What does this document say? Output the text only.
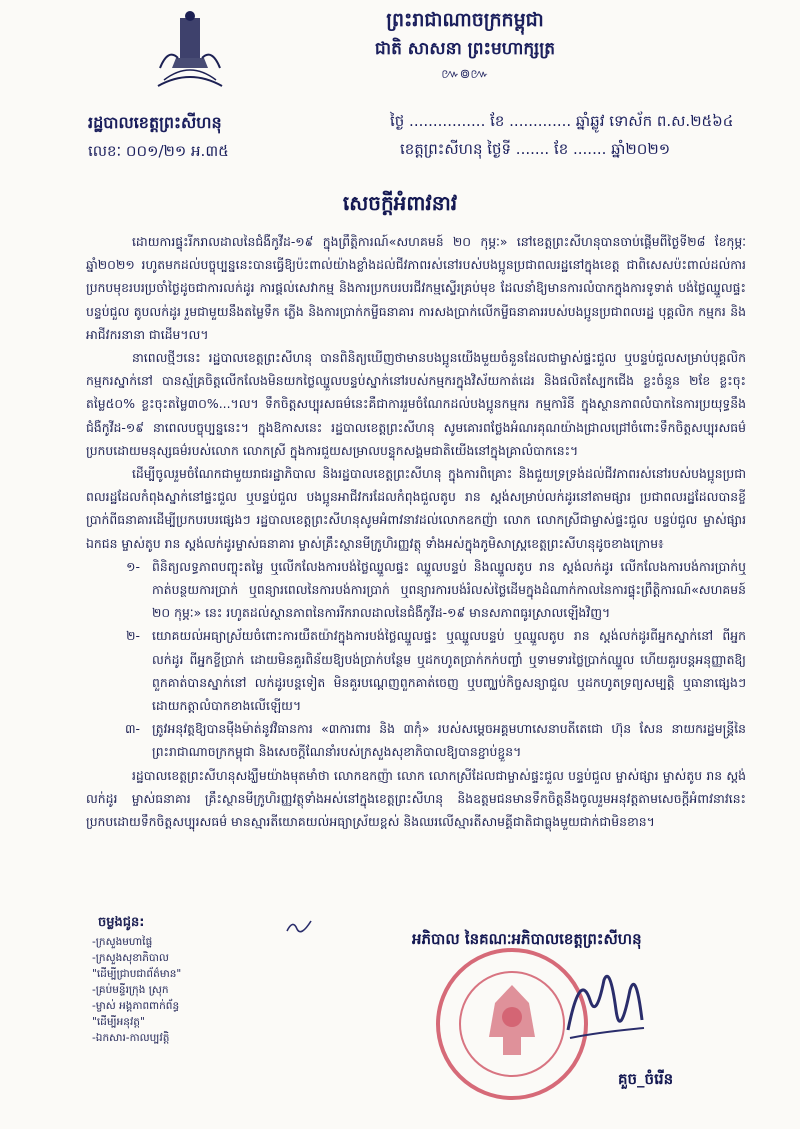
ព្រះរាជាណាចក្រកម្ពុជា
ជាតិ សាសនា ព្រះមហាក្សត្រ
៚៙៚
រដ្ឋបាលខេត្តព្រះសីហនុ
លេខៈ ០០១/២១ អ.៣៥
ថ្ងៃ ................ ខែ ............. ឆ្នាំឆ្លូវ ទោស័ក ព.ស.២៥៦៤
ខេត្តព្រះសីហនុ ថ្ងៃទី ....... ខែ ....... ឆ្នាំ២០២១
សេចក្តីអំពាវនាវ

ដោយការផ្ទុះរីករាលដាលនៃជំងឺកូវីដ-១៩ ក្នុងព្រឹត្តិការណ៍«សហគមន៍ ២០ កុម្ភៈ» នៅខេត្តព្រះសីហនុបានចាប់ផ្តើមពីថ្ងៃទី២៨ ខែកុម្ភៈ ឆ្នាំ២០២១ រហូតមកដល់បច្ចុប្បន្ននេះបានធ្វើឱ្យប៉ះពាល់យ៉ាងខ្លាំងដល់ជីវភាពរស់នៅរបស់បងប្អូនប្រជាពលរដ្ឋនៅក្នុងខេត្ត ជាពិសេសប៉ះពាល់ដល់ការប្រកបមុខរបរប្រចាំថ្ងៃដូចជាការលក់ដូរ ការផ្តល់សេវាកម្ម និងការប្រកបរបរជីវកម្មស្ទើរគ្រប់មុខ ដែលនាំឱ្យមានការលំបាកក្នុងការទូទាត់ បង់ថ្លៃឈ្នួលផ្ទះ បន្ទប់ជួល តូបលក់ដូរ រួមជាមួយនឹងតម្លៃទឹក ភ្លើង និងការប្រាក់កម្ចីធនាគារ ការសងប្រាក់លើកម្ចីធនាគាររបស់បងប្អូនប្រជាពលរដ្ឋ បុគ្គលិក កម្មករ និងអាជីវករនានា ជាដើម។ល។

នាពេលថ្មីៗនេះ រដ្ឋបាលខេត្តព្រះសីហនុ បានពិនិត្យឃើញថាមានបងប្អូនយើងមួយចំនួនដែលជាម្ចាស់ផ្ទះជួល ឬបន្ទប់ជួលសម្រាប់បុគ្គលិក កម្មករស្នាក់នៅ បានស្ម័គ្រចិត្តលើកលែងមិនយកថ្លៃឈ្នួលបន្ទប់ស្នាក់នៅរបស់កម្មករក្នុងវិស័យកាត់ដេរ និងផលិតស្បែកជើង ខ្លះចំនួន ២ខែ ខ្លះចុះតម្លៃ៥០% ខ្លះចុះតម្លៃ៣០%...។ល។ ទឹកចិត្តសប្បុរសធម៌នេះគឺជាការរួមចំណែកដល់បងប្អូនកម្មករ កម្មការិនី ក្នុងស្ថានភាពលំបាកនៃការប្រយុទ្ធនឹងជំងឺកូវីដ-១៩ នាពេលបច្ចុប្បន្ននេះ។ ក្នុងឱកាសនេះ រដ្ឋបាលខេត្តព្រះសីហនុ សូមគោរពថ្លែងអំណរគុណយ៉ាងជ្រាលជ្រៅចំពោះទឹកចិត្តសប្បុរសធម៌ប្រកបដោយមនុស្សធម៌របស់លោក លោកស្រី ក្នុងការជួយសម្រាលបន្ទុកសង្គមជាតិយើងនៅក្នុងគ្រាលំបាកនេះ។

ដើម្បីចូលរួមចំណែកជាមួយរាជរដ្ឋាភិបាល និងរដ្ឋបាលខេត្តព្រះសីហនុ ក្នុងការពិគ្រោះ និងជួយទ្រទ្រង់ដល់ជីវភាពរស់នៅរបស់បងប្អូនប្រជាពលរដ្ឋដែលកំពុងស្នាក់នៅផ្ទះជួល ឬបន្ទប់ជួល បងប្អូនអាជីវករដែលកំពុងជួលតូប រាន ស្តង់សម្រាប់លក់ដូរនៅតាមផ្សារ ប្រជាពលរដ្ឋដែលបានខ្ចីប្រាក់ពីធនាគារដើម្បីប្រកបរបរផ្សេងៗ រដ្ឋបាលខេត្តព្រះសីហនុសូមអំពាវនាវដល់លោកឧកញ៉ា លោក លោកស្រីជាម្ចាស់ផ្ទះជួល បន្ទប់ជួល ម្ចាស់ផ្សារឯកជន ម្ចាស់តូប រាន ស្តង់លក់ដូរម្ចាស់ធនាគារ ម្ចាស់គ្រឹះស្ថានមីក្រូហិរញ្ញវត្ថុ ទាំងអស់ក្នុងភូមិសាស្ត្រខេត្តព្រះសីហនុដូចខាងក្រោម៖

១- ពិនិត្យលទ្ធភាពបញ្ចុះតម្លៃ ឬលើកលែងការបង់ថ្លៃឈ្នួលផ្ទះ ឈ្នួលបន្ទប់ និងឈ្នួលតូប រាន ស្តង់លក់ដូរ លើកលែងការបង់ការប្រាក់ឬកាត់បន្ថយការប្រាក់ ឬពន្យារពេលនៃការបង់ការប្រាក់ ឬពន្យារការបង់រំលស់ថ្លៃដើមក្នុងដំណាក់កាលនៃការផ្ទុះព្រឹត្តិការណ៍«សហគមន៍ ២០ កុម្ភៈ» នេះ រហូតដល់ស្ថានភាពនៃការរីករាលដាលនៃជំងឺកូវីដ-១៩ មានសភាពធូរស្រាលឡើងវិញ។
២- យោគយល់អធ្យាស្រ័យចំពោះការយឺតយ៉ាវក្នុងការបង់ថ្លៃឈ្នួលផ្ទះ ឬឈ្នួលបន្ទប់ ឬឈ្នួលតូប រាន ស្តង់លក់ដូរពីអ្នកស្នាក់នៅ ពីអ្នកលក់ដូរ ពីអ្នកខ្ចីប្រាក់ ដោយមិនគួរពិន័យឱ្យបង់ប្រាក់បន្ថែម ឬដកហូតប្រាក់កក់បញ្ចាំ ឬទាមទារថ្លៃប្រាក់ឈ្នួល ហើយគួរបន្តអនុញ្ញាតឱ្យពួកគាត់បានស្នាក់នៅ លក់ដូរបន្តទៀត មិនគួរបណ្តេញពួកគាត់ចេញ ឬបញ្ឈប់កិច្ចសន្យាជួល ឬដកហូតទ្រព្យសម្បត្តិ ឬធានាផ្សេងៗដោយកត្តាលំបាកខាងលើឡើយ។
៣- ត្រូវអនុវត្តឱ្យបានម៉ឺងម៉ាត់នូវវិធានការ «៣ការពារ និង ៣កុំ» របស់សម្តេចអគ្គមហាសេនាបតីតេជោ ហ៊ុន សែន នាយករដ្ឋមន្ត្រីនៃព្រះរាជាណាចក្រកម្ពុជា និងសេចក្តីណែនាំរបស់ក្រសួងសុខាភិបាលឱ្យបានខ្ជាប់ខ្ជួន។

រដ្ឋបាលខេត្តព្រះសីហនុសង្ឃឹមយ៉ាងមុតមាំថា លោកឧកញ៉ា លោក លោកស្រីដែលជាម្ចាស់ផ្ទះជួល បន្ទប់ជួល ម្ចាស់ផ្សារ ម្ចាស់តូប រាន ស្តង់លក់ដូរ ម្ចាស់ធនាគារ គ្រឹះស្ថានមីក្រូហិរញ្ញវត្ថុទាំងអស់នៅក្នុងខេត្តព្រះសីហនុ និងឧត្តមជនមានទឹកចិត្តនឹងចូលរួមអនុវត្តតាមសេចក្តីអំពាវនាវនេះ ប្រកបដោយទឹកចិត្តសប្បុរសធម៌ មានស្មារតីយោគយល់អធ្យាស្រ័យខ្ពស់ និងឈរលើស្មារតីសាមគ្គីជាតិជាធ្លុងមួយជាក់ជាមិនខាន។

ចម្លងជូន:
-ក្រសួងមហាផ្ទៃ
-ក្រសួងសុខាភិបាល
"ដើម្បីជ្រាបជាព័ត៌មាន"
-គ្រប់មន្ទីរក្រុង ស្រុក
-ម្ចាស់ អង្គភាពពាក់ព័ន្ធ
"ដើម្បីអនុវត្ត"
-ឯកសារ-កាលប្បវត្តិ
អភិបាល នៃគណៈអភិបាលខេត្តព្រះសីហនុ
គួច_ចំរើន
